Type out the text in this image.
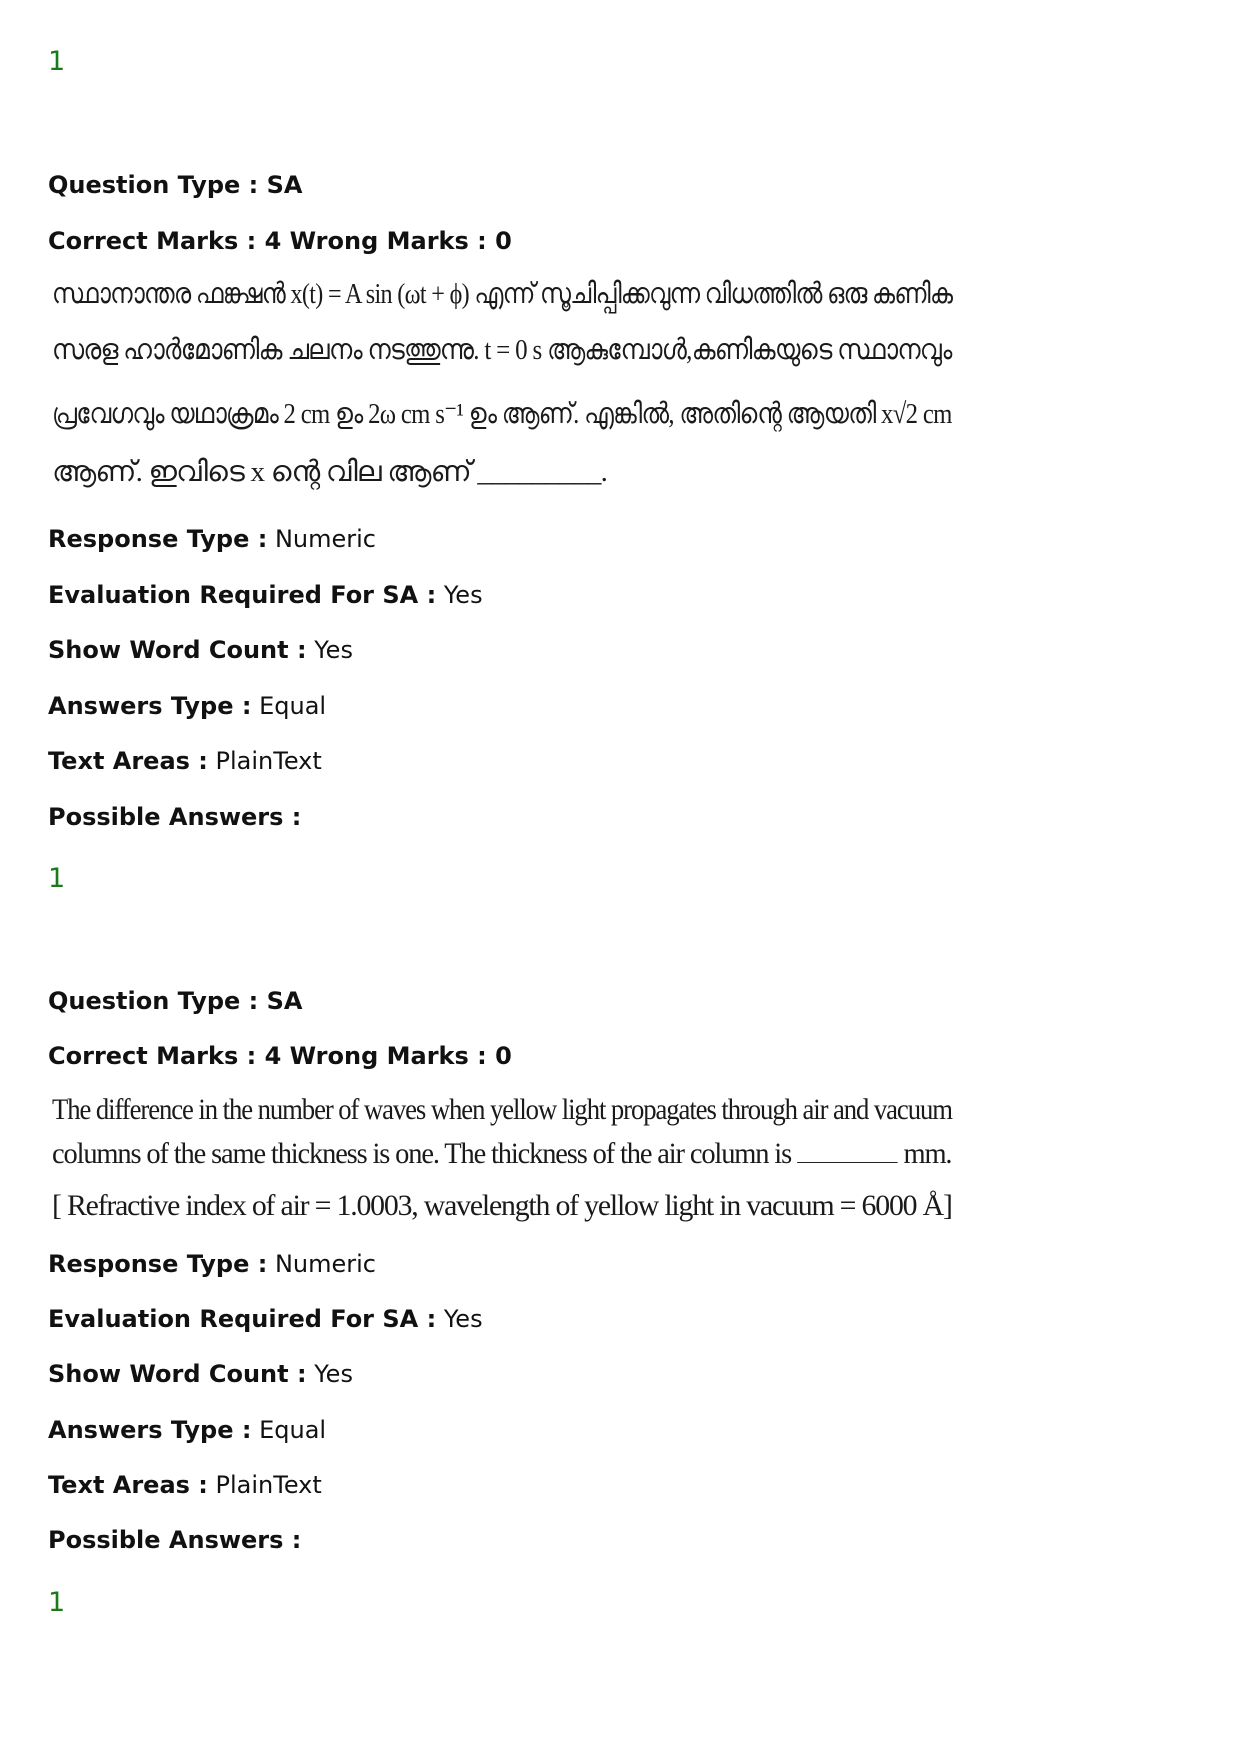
1
Question Type : SA
Correct Marks : 4 Wrong Marks : 0
സ്ഥാനാന്തര ഫങ്ക്ഷൻ x(t) = A sin (ωt + ϕ) എന്ന് സൂചിപ്പിക്കവുന്ന വിധത്തിൽ ഒരു കണിക
സരള ഹാർമോണിക ചലനം നടത്തുന്നു. t = 0 s ആകുമ്പോൾ,കണികയുടെ സ്ഥാനവും
പ്രവേഗവും യഥാക്രമം 2 cm ഉം 2ω cm s⁻¹ ഉം ആണ്. എങ്കിൽ, അതിന്റെ ആയതി x√2 cm
ആണ്. ഇവിടെ x ന്റെ വില ആണ് _________.
Response Type : Numeric
Evaluation Required For SA : Yes
Show Word Count : Yes
Answers Type : Equal
Text Areas : PlainText
Possible Answers :
1
Question Type : SA
Correct Marks : 4 Wrong Marks : 0
The difference in the number of waves when yellow light propagates through air and vacuum
columns of the same thickness is one. The thickness of the air column is	mm.
[ Refractive index of air = 1.0003, wavelength of yellow light in vacuum = 6000 Å]
Response Type : Numeric
Evaluation Required For SA : Yes
Show Word Count : Yes
Answers Type : Equal
Text Areas : PlainText
Possible Answers :
1
